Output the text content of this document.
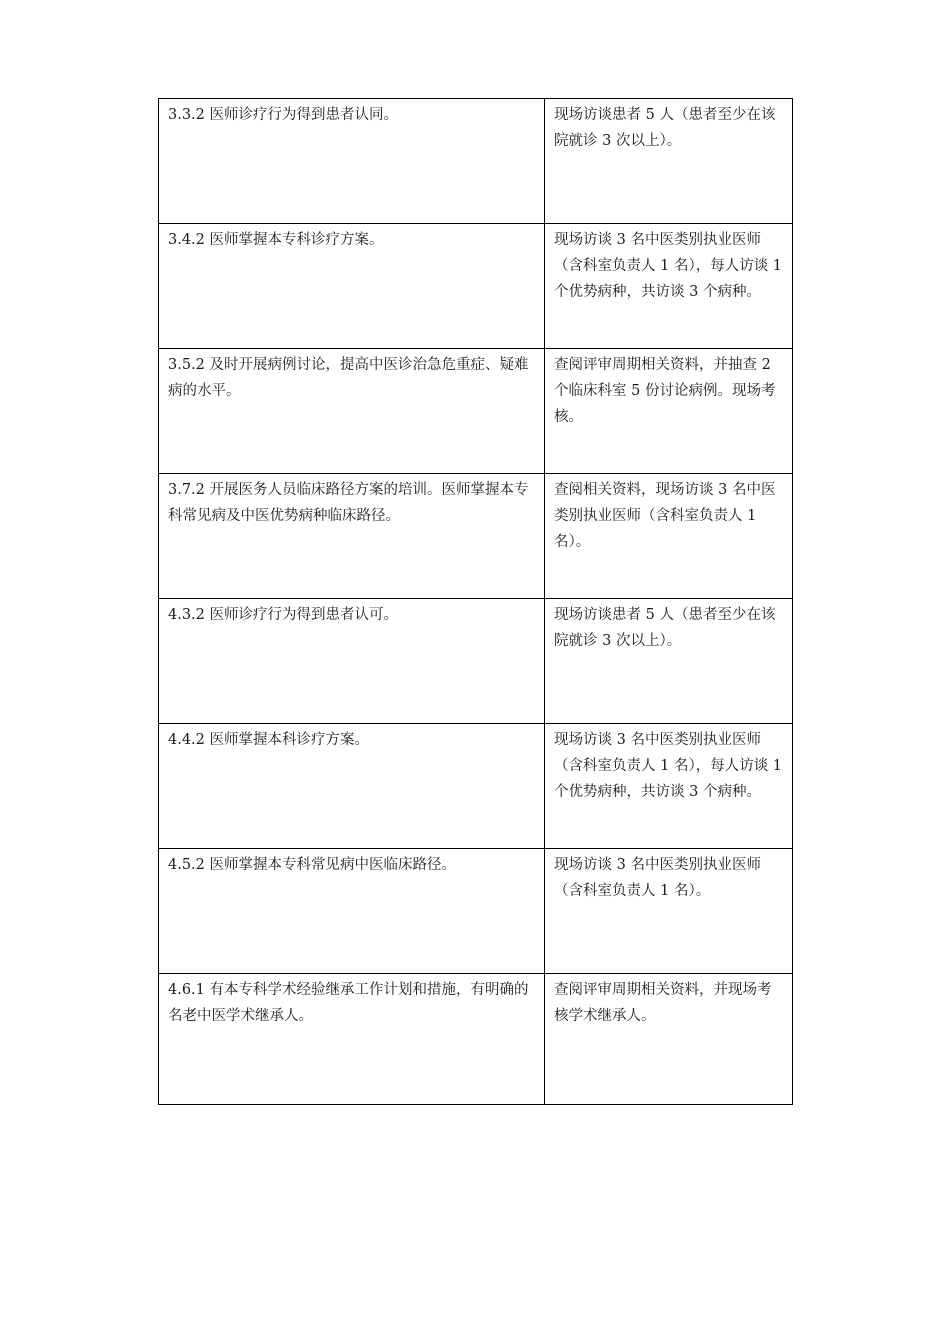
3.3.2 医师诊疗行为得到患者认同。	现场访谈患者 5 人（患者至少在该院就诊 3 次以上）。
3.4.2 医师掌握本专科诊疗方案。	现场访谈 3 名中医类别执业医师（含科室负责人 1 名），每人访谈 1 个优势病种，共访谈 3 个病种。
3.5.2 及时开展病例讨论，提高中医诊治急危重症、疑难病的水平。	查阅评审周期相关资料，并抽查 2 个临床科室 5 份讨论病例。现场考核。
3.7.2 开展医务人员临床路径方案的培训。医师掌握本专科常见病及中医优势病种临床路径。	查阅相关资料，现场访谈 3 名中医类别执业医师（含科室负责人 1 名）。
4.3.2 医师诊疗行为得到患者认可。	现场访谈患者 5 人（患者至少在该院就诊 3 次以上）。
4.4.2 医师掌握本科诊疗方案。	现场访谈 3 名中医类别执业医师（含科室负责人 1 名），每人访谈 1 个优势病种，共访谈 3 个病种。
4.5.2 医师掌握本专科常见病中医临床路径。	现场访谈 3 名中医类别执业医师（含科室负责人 1 名）。
4.6.1 有本专科学术经验继承工作计划和措施，有明确的名老中医学术继承人。	查阅评审周期相关资料，并现场考核学术继承人。
